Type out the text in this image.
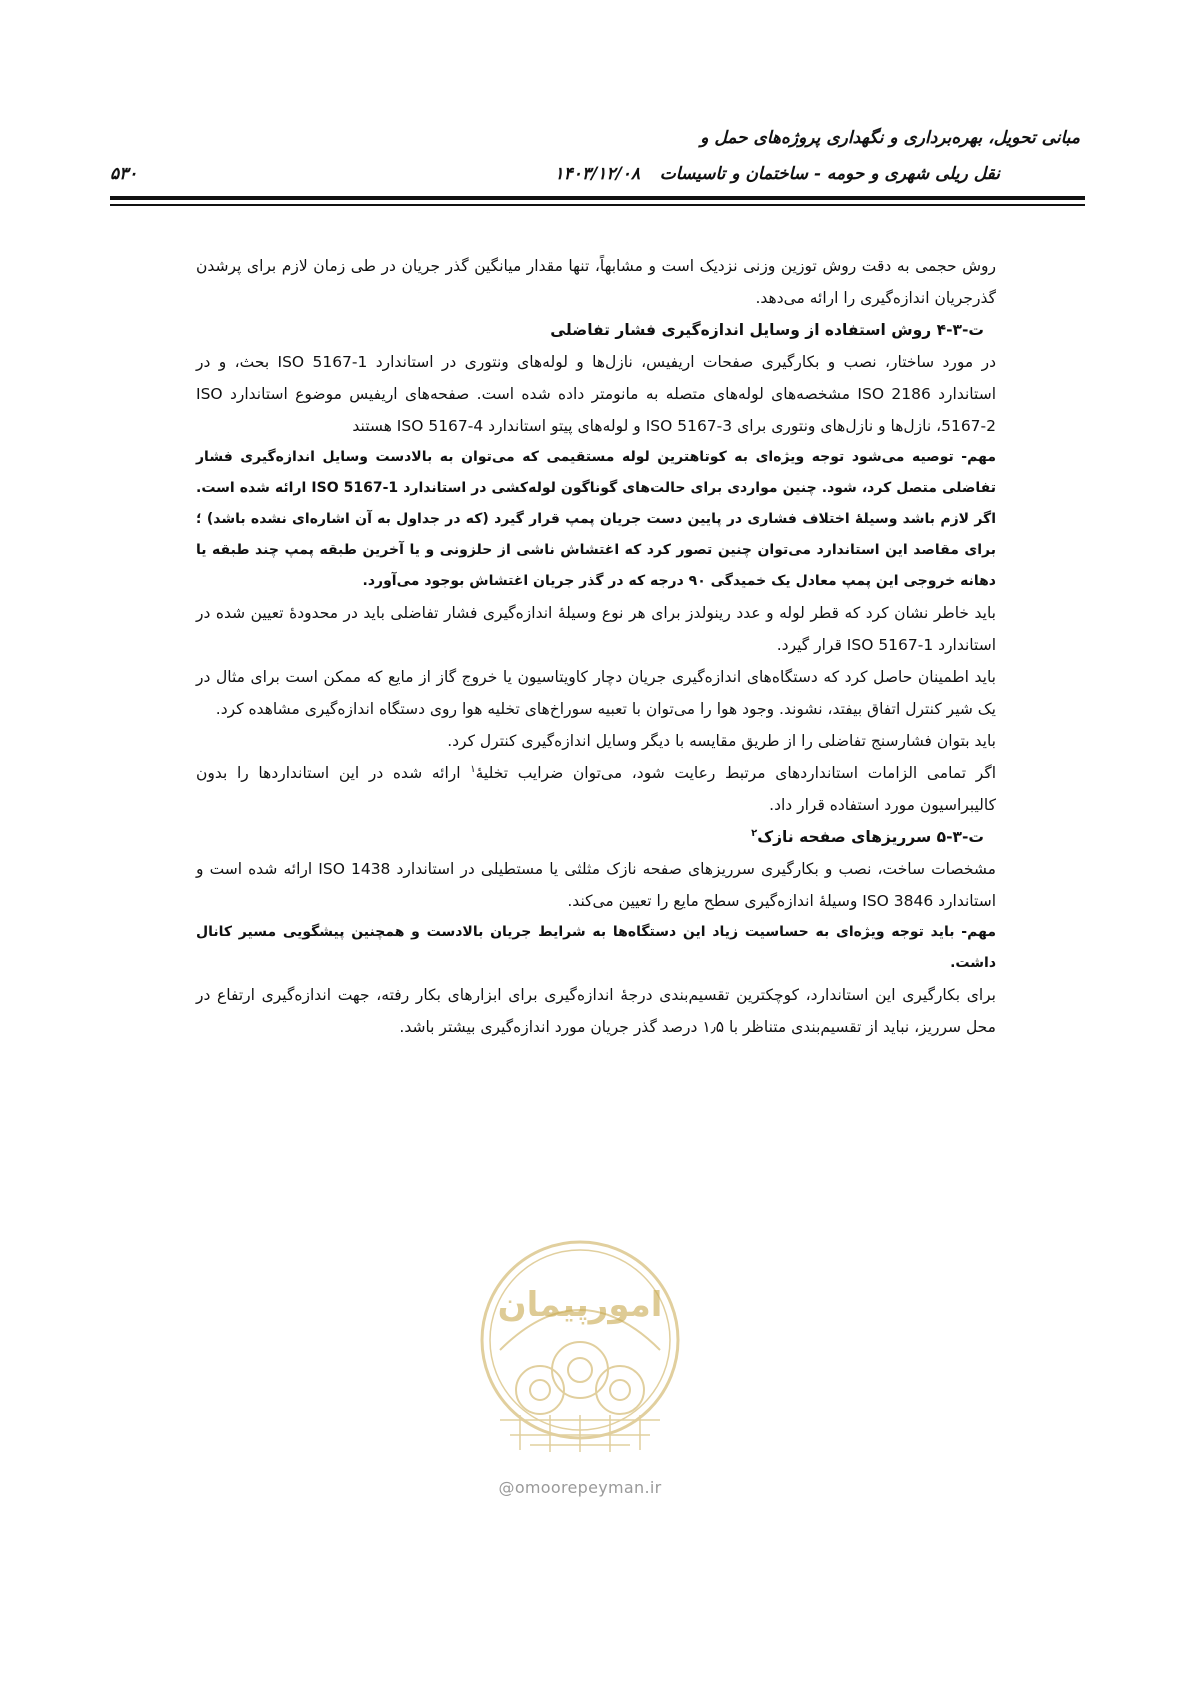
مبانی تحویل، بهره‌برداری و نگهداری پروژه‌های حمل و
نقل ریلی شهری و حومه - ساختمان و تاسیسات
۱۴۰۳/۱۲/۰۸
۵۳۰

روش حجمی به دقت روش توزین وزنی نزدیک است و مشابهاً، تنها مقدار میانگین گذر جریان در طی زمان لازم برای پرشدن گذرجریان اندازه‌گیری را ارائه می‌دهد.

ت-۳-۴ روش استفاده از وسایل اندازه‌گیری فشار تفاضلی

در مورد ساختار، نصب و بکارگیری صفحات اریفیس، نازل‌ها و لوله‌های ونتوری در استاندارد ISO 5167-1 بحث، و در استاندارد ISO 2186 مشخصه‌های لوله‌های متصله به مانومتر داده شده است. صفحه‌های اریفیس موضوع استاندارد ISO 5167-2، نازل‌ها و نازل‌های ونتوری برای ISO 5167-3 و لوله‌های پیتو استاندارد ISO 5167-4 هستند

مهم- توصیه می‌شود توجه ویژه‌ای به کوتاهترین لوله مستقیمی که می‌توان به بالادست وسایل اندازه‌گیری فشار تفاضلی متصل کرد، شود. چنین مواردی برای حالت‌های گوناگون لوله‌کشی در استاندارد ISO 5167-1 ارائه شده است. اگر لازم باشد وسیلۀ اختلاف فشاری در پایین دست جریان پمپ قرار گیرد (که در جداول به آن اشاره‌ای نشده باشد) ؛ برای مقاصد این استاندارد می‌توان چنین تصور کرد که اغتشاش ناشی از حلزونی و یا آخرین طبقه پمپ چند طبقه یا دهانه خروجی این پمپ معادل یک خمیدگی ۹۰ درجه که در گذر جریان اغتشاش بوجود می‌آورد.

باید خاطر نشان کرد که قطر لوله و عدد رینولدز برای هر نوع وسیلۀ اندازه‌گیری فشار تفاضلی باید در محدودۀ تعیین شده در استاندارد ISO 5167-1 قرار گیرد.

باید اطمینان حاصل کرد که دستگاه‌های اندازه‌گیری جریان دچار کاویتاسیون یا خروج گاز از مایع که ممکن است برای مثال در یک شیر کنترل اتفاق بیفتد، نشوند. وجود هوا را می‌توان با تعبیه سوراخ‌های تخلیه هوا روی دستگاه اندازه‌گیری مشاهده کرد.

باید بتوان فشارسنج تفاضلی را از طریق مقایسه با دیگر وسایل اندازه‌گیری کنترل کرد.

اگر تمامی الزامات استانداردهای مرتبط رعایت شود، می‌توان ضرایب تخلیۀ$^۱$ ارائه شده در این استانداردها را بدون کالیبراسیون مورد استفاده قرار داد.

ت-۳-۵ سرریزهای صفحه نازک$^۲$

مشخصات ساخت، نصب و بکارگیری سرریزهای صفحه نازک مثلثی یا مستطیلی در استاندارد ISO 1438 ارائه شده است و استاندارد ISO 3846 وسیلۀ اندازه‌گیری سطح مایع را تعیین می‌کند.

مهم- باید توجه ویژه‌ای به حساسیت زیاد این دستگاه‌ها به شرایط جریان بالادست و همچنین پیشگویی مسیر کانال داشت.

برای بکارگیری این استاندارد، کوچکترین تقسیم‌بندی درجۀ اندازه‌گیری برای ابزارهای بکار رفته، جهت اندازه‌گیری ارتفاع در محل سرریز، نباید از تقسیم‌بندی متناظر با ۱٫۵ درصد گذر جریان مورد اندازه‌گیری بیشتر باشد.

امورپیمان
@omoorepeyman.ir
